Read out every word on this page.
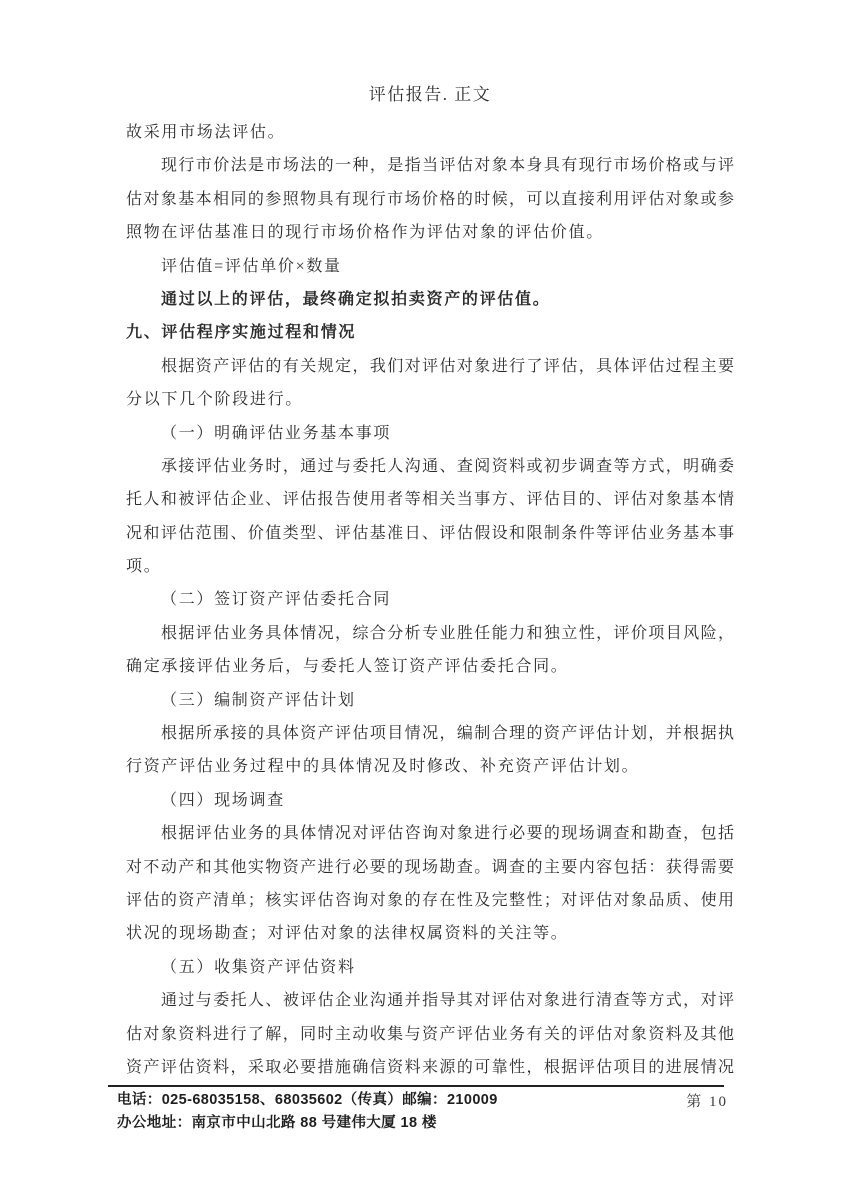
评估报告. 正文
故采用市场法评估。
现行市价法是市场法的一种，是指当评估对象本身具有现行市场价格或与评
估对象基本相同的参照物具有现行市场价格的时候，可以直接利用评估对象或参
照物在评估基准日的现行市场价格作为评估对象的评估价值。
评估值=评估单价×数量
通过以上的评估，最终确定拟拍卖资产的评估值。
九、评估程序实施过程和情况
根据资产评估的有关规定，我们对评估对象进行了评估，具体评估过程主要
分以下几个阶段进行。
（一）明确评估业务基本事项
承接评估业务时，通过与委托人沟通、查阅资料或初步调查等方式，明确委
托人和被评估企业、评估报告使用者等相关当事方、评估目的、评估对象基本情
况和评估范围、价值类型、评估基准日、评估假设和限制条件等评估业务基本事
项。
（二）签订资产评估委托合同
根据评估业务具体情况，综合分析专业胜任能力和独立性，评价项目风险，
确定承接评估业务后，与委托人签订资产评估委托合同。
（三）编制资产评估计划
根据所承接的具体资产评估项目情况，编制合理的资产评估计划，并根据执
行资产评估业务过程中的具体情况及时修改、补充资产评估计划。
（四）现场调查
根据评估业务的具体情况对评估咨询对象进行必要的现场调查和勘查，包括
对不动产和其他实物资产进行必要的现场勘查。调查的主要内容包括：获得需要
评估的资产清单；核实评估咨询对象的存在性及完整性；对评估对象品质、使用
状况的现场勘查；对评估对象的法律权属资料的关注等。
（五）收集资产评估资料
通过与委托人、被评估企业沟通并指导其对评估对象进行清查等方式，对评
估对象资料进行了解，同时主动收集与资产评估业务有关的评估对象资料及其他
资产评估资料，采取必要措施确信资料来源的可靠性，根据评估项目的进展情况
电话：025-68035158、68035602（传真）邮编：210009
办公地址：南京市中山北路 88 号建伟大厦 18 楼
第 10
